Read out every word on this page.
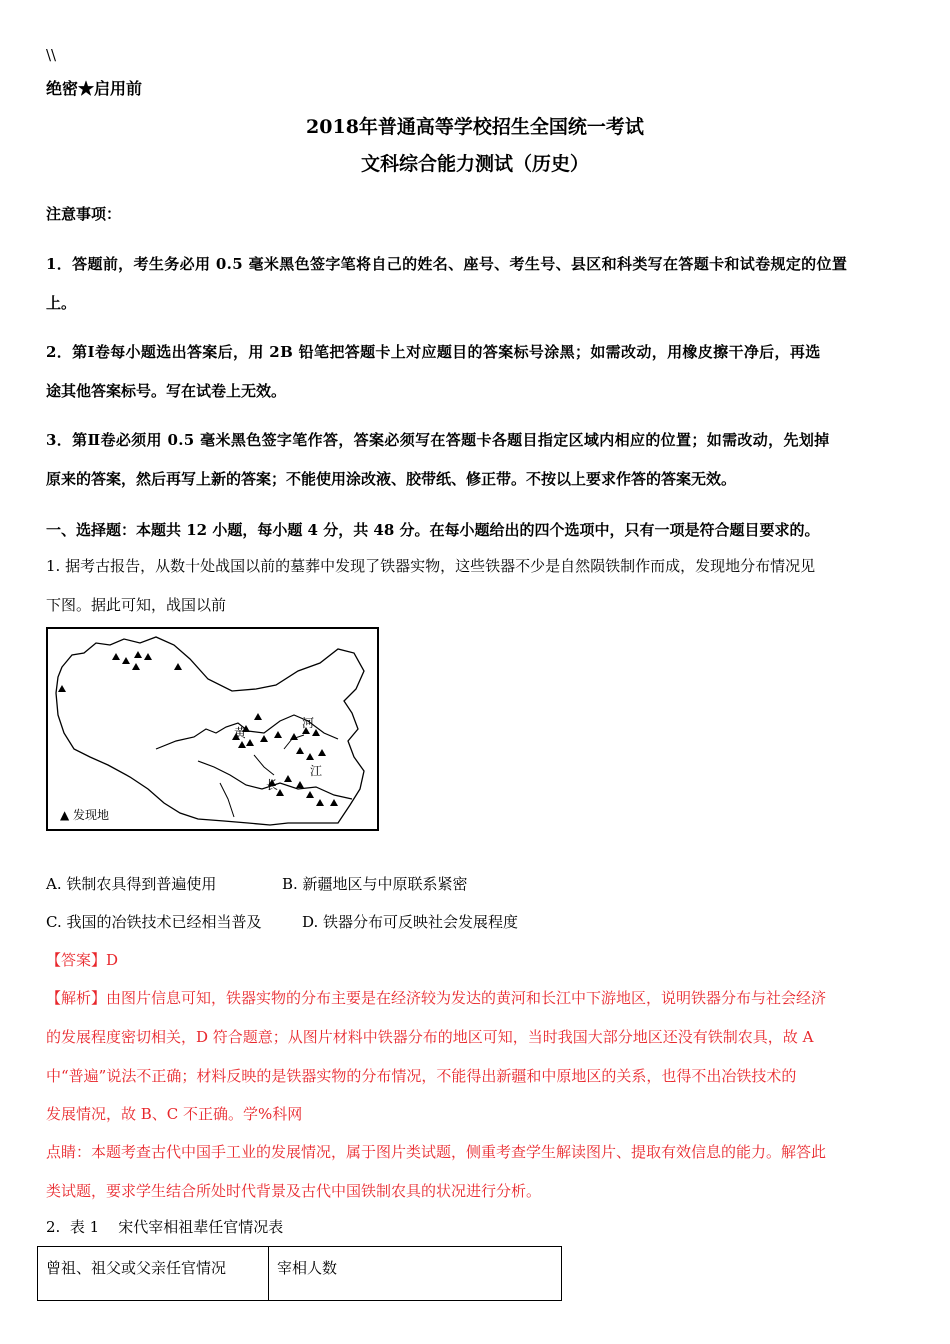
\\
绝密★启用前
2018年普通高等学校招生全国统一考试
文科综合能力测试（历史）
注意事项：
1．答题前，考生务必用 0.5 毫米黑色签字笔将自己的姓名、座号、考生号、县区和科类写在答题卡和试卷规定的位置
上。
2．第Ⅰ卷每小题选出答案后，用 2B 铅笔把答题卡上对应题目的答案标号涂黑；如需改动，用橡皮擦干净后，再选
途其他答案标号。写在试卷上无效。
3．第Ⅱ卷必须用 0.5 毫米黑色签字笔作答，答案必须写在答题卡各题目指定区域内相应的位置；如需改动，先划掉
原来的答案，然后再写上新的答案；不能使用涂改液、胶带纸、修正带。不按以上要求作答的答案无效。
一、选择题：本题共 12 小题，每小题 4 分，共 48 分。在每小题给出的四个选项中，只有一项是符合题目要求的。
1. 据考古报告，从数十处战国以前的墓葬中发现了铁器实物，这些铁器不少是自然陨铁制作而成，发现地分布情况见
下图。据此可知，战国以前
黄
河
长
江
▲ 发现地
A. 铁制农具得到普遍使用	B. 新疆地区与中原联系紧密
C. 我国的冶铁技术已经相当普及	D. 铁器分布可反映社会发展程度
【答案】D
【解析】由图片信息可知，铁器实物的分布主要是在经济较为发达的黄河和长江中下游地区，说明铁器分布与社会经济
的发展程度密切相关，D 符合题意；从图片材料中铁器分布的地区可知，当时我国大部分地区还没有铁制农具，故 A
中“普遍”说法不正确；材料反映的是铁器实物的分布情况，不能得出新疆和中原地区的关系，也得不出冶铁技术的
发展情况，故 B、C 不正确。学%科网
点睛：本题考查古代中国手工业的发展情况，属于图片类试题，侧重考查学生解读图片、提取有效信息的能力。解答此
类试题，要求学生结合所处时代背景及古代中国铁制农具的状况进行分析。
2.  表 1    宋代宰相祖辈任官情况表
曾祖、祖父或父亲任官情况	宰相人数
